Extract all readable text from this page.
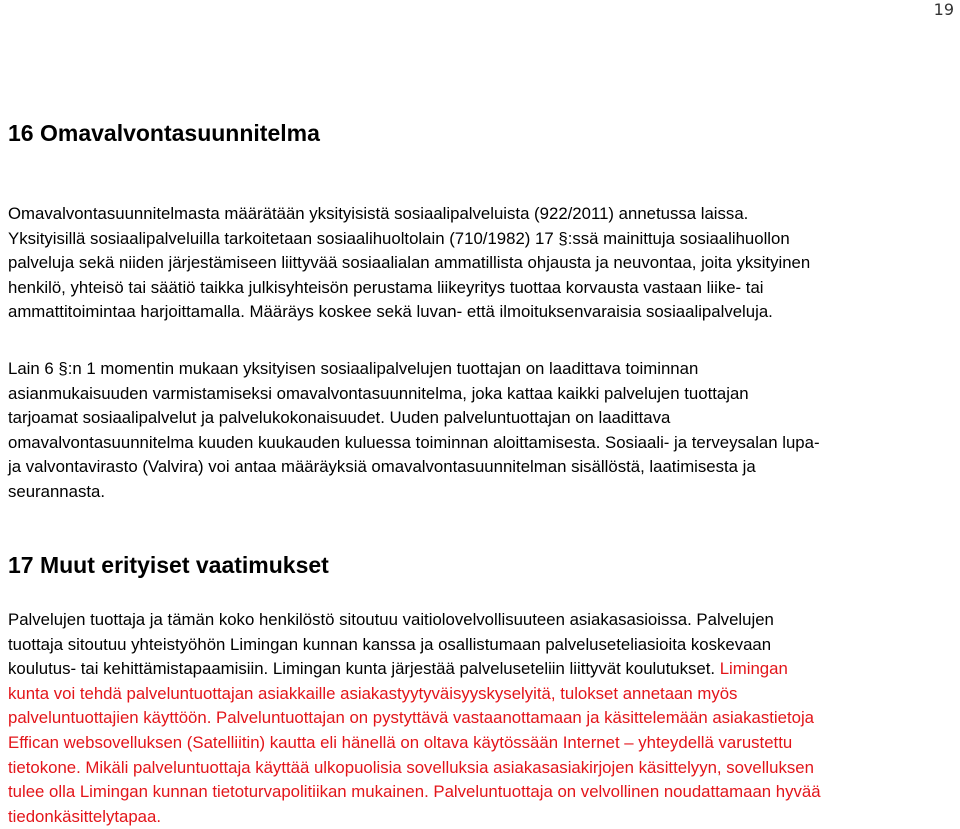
19
16 Omavalvontasuunnitelma
Omavalvontasuunnitelmasta määrätään yksityisistä sosiaalipalveluista (922/2011) annetussa laissa.
Yksityisillä sosiaalipalveluilla tarkoitetaan sosiaalihuoltolain (710/1982) 17 §:ssä mainittuja sosiaalihuollon
palveluja sekä niiden järjestämiseen liittyvää sosiaalialan ammatillista ohjausta ja neuvontaa, joita yksityinen
henkilö, yhteisö tai säätiö taikka julkisyhteisön perustama liikeyritys tuottaa korvausta vastaan liike- tai
ammattitoimintaa harjoittamalla. Määräys koskee sekä luvan- että ilmoituksenvaraisia sosiaalipalveluja.
Lain 6 §:n 1 momentin mukaan yksityisen sosiaalipalvelujen tuottajan on laadittava toiminnan
asianmukaisuuden varmistamiseksi omavalvontasuunnitelma, joka kattaa kaikki palvelujen tuottajan
tarjoamat sosiaalipalvelut ja palvelukokonaisuudet. Uuden palveluntuottajan on laadittava
omavalvontasuunnitelma kuuden kuukauden kuluessa toiminnan aloittamisesta. Sosiaali- ja terveysalan lupa-
ja valvontavirasto (Valvira) voi antaa määräyksiä omavalvontasuunnitelman sisällöstä, laatimisesta ja
seurannasta.
17 Muut erityiset vaatimukset
Palvelujen tuottaja ja tämän koko henkilöstö sitoutuu vaitiolovelvollisuuteen asiakasasioissa. Palvelujen
tuottaja sitoutuu yhteistyöhön Limingan kunnan kanssa ja osallistumaan palveluseteliasioita koskevaan
koulutus- tai kehittämistapaamisiin. Limingan kunta järjestää palveluseteliin liittyvät koulutukset. Limingan
kunta voi tehdä palveluntuottajan asiakkaille asiakastyytyväisyyskyselyitä, tulokset annetaan myös
palveluntuottajien käyttöön. Palveluntuottajan on pystyttävä vastaanottamaan ja käsittelemään asiakastietoja
Effican websovelluksen (Satelliitin) kautta eli hänellä on oltava käytössään Internet – yhteydellä varustettu
tietokone. Mikäli palveluntuottaja käyttää ulkopuolisia sovelluksia asiakasasiakirjojen käsittelyyn, sovelluksen
tulee olla Limingan kunnan tietoturvapolitiikan mukainen. Palveluntuottaja on velvollinen noudattamaan hyvää
tiedonkäsittelytapaa.
